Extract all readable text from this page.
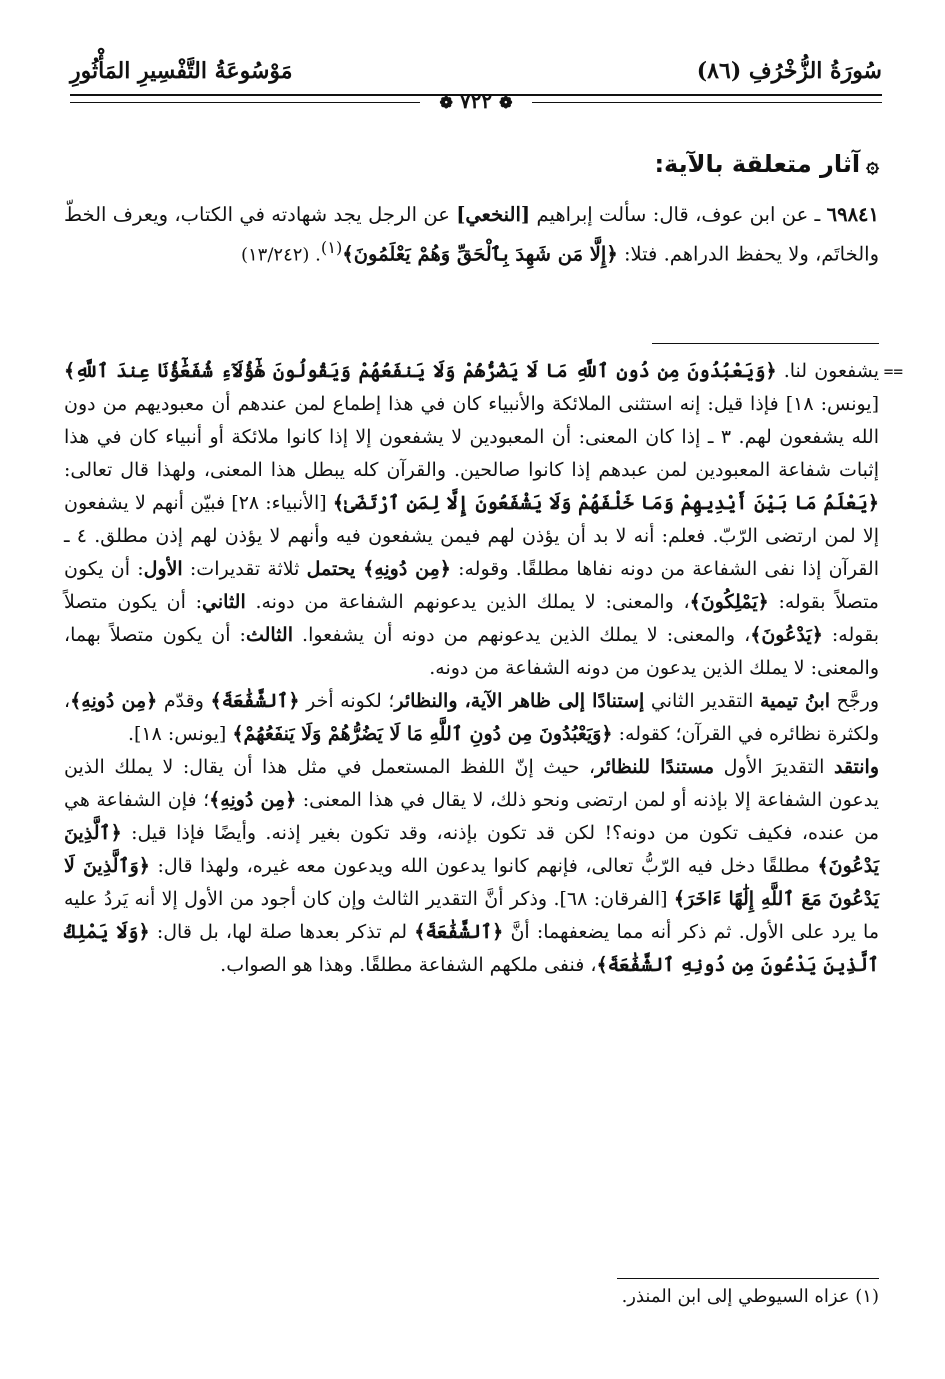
سُورَةُ الزُّخْرُفِ (٨٦)
مَوْسُوعَةُ التَّفْسِيرِ المَأْثُورِ
❁ ٧٢٢ ❁
۞آثار متعلقة بالآية:
٦٩٨٤١ ـ عن ابن عوف، قال: سألت إبراهيم [النخعي] عن الرجل يجد شهادته في الكتاب، ويعرف الخطّ والخاتَم، ولا يحفظ الدراهم. فتلا: ﴿إِلَّا مَن شَهِدَ بِٱلْحَقِّ وَهُمْ يَعْلَمُونَ﴾$^{(١)}$. (١٣/٢٤٢)
==

يشفعون لنا. ﴿وَيَعْبُدُونَ مِن دُونِ ٱللَّهِ مَا لَا يَضُرُّهُمْ وَلَا يَنفَعُهُمْ وَيَقُولُونَ هَٰٓؤُلَآءِ شُفَعَٰٓؤُنَا عِندَ ٱللَّهِ﴾ [يونس: ١٨] فإذا قيل: إنه استثنى الملائكة والأنبياء كان في هذا إطماع لمن عندهم أن معبوديهم من دون الله يشفعون لهم. ٣ ـ إذا كان المعنى: أن المعبودين لا يشفعون إلا إذا كانوا ملائكة أو أنبياء كان في هذا إثبات شفاعة المعبودين لمن عبدهم إذا كانوا صالحين. والقرآن كله يبطل هذا المعنى، ولهذا قال تعالى: ﴿يَعْلَمُ مَا بَيْنَ أَيْدِيهِمْ وَمَا خَلْفَهُمْ وَلَا يَشْفَعُونَ إِلَّا لِمَنِ ٱرْتَضَىٰ﴾ [الأنبياء: ٢٨] فبيّن أنهم لا يشفعون إلا لمن ارتضى الرّبّ. فعلم: أنه لا بد أن يؤذن لهم فيمن يشفعون فيه وأنهم لا يؤذن لهم إذن مطلق. ٤ ـ القرآن إذا نفى الشفاعة من دونه نفاها مطلقًا. وقوله: ﴿مِن دُونِهِ﴾ يحتمل ثلاثة تقديرات: الأول: أن يكون متصلاً بقوله: ﴿يَمْلِكُونَ﴾، والمعنى: لا يملك الذين يدعونهم الشفاعة من دونه. الثاني: أن يكون متصلاً بقوله: ﴿يَدْعُونَ﴾، والمعنى: لا يملك الذين يدعونهم من دونه أن يشفعوا. الثالث: أن يكون متصلاً بهما، والمعنى: لا يملك الذين يدعون من دونه الشفاعة من دونه.

ورجَّح ابنُ تيمية التقدير الثاني إستنادًا إلى ظاهر الآية، والنظائر؛ لكونه أخر ﴿ٱلشَّفَٰعَةَ﴾ وقدّم ﴿مِن دُونِهِ﴾، ولكثرة نظائره في القرآن؛ كقوله: ﴿وَيَعْبُدُونَ مِن دُونِ ٱللَّهِ مَا لَا يَضُرُّهُمْ وَلَا يَنفَعُهُمْ﴾ [يونس: ١٨].

وانتقد التقديرَ الأول مستندًا للنظائر، حيث إنّ اللفظ المستعمل في مثل هذا أن يقال: لا يملك الذين يدعون الشفاعة إلا بإذنه أو لمن ارتضى ونحو ذلك، لا يقال في هذا المعنى: ﴿مِن دُونِهِ﴾؛ فإن الشفاعة هي من عنده، فكيف تكون من دونه؟! لكن قد تكون بإذنه، وقد تكون بغير إذنه. وأيضًا فإذا قيل: ﴿ٱلَّذِينَ يَدْعُونَ﴾ مطلقًا دخل فيه الرّبُّ تعالى، فإنهم كانوا يدعون الله ويدعون معه غيره، ولهذا قال: ﴿وَٱلَّذِينَ لَا يَدْعُونَ مَعَ ٱللَّهِ إِلَٰهًا ءَاخَرَ﴾ [الفرقان: ٦٨]. وذكر أنَّ التقدير الثالث وإن كان أجود من الأول إلا أنه يَردُ عليه ما يرد على الأول. ثم ذكر أنه مما يضعفهما: أنَّ ﴿ٱلشَّفَٰعَةَ﴾ لم تذكر بعدها صلة لها، بل قال: ﴿وَلَا يَمْلِكُ ٱلَّذِينَ يَدْعُونَ مِن دُونِهِ ٱلشَّفَٰعَةَ﴾، فنفى ملكهم الشفاعة مطلقًا. وهذا هو الصواب.

(١) عزاه السيوطي إلى ابن المنذر.
